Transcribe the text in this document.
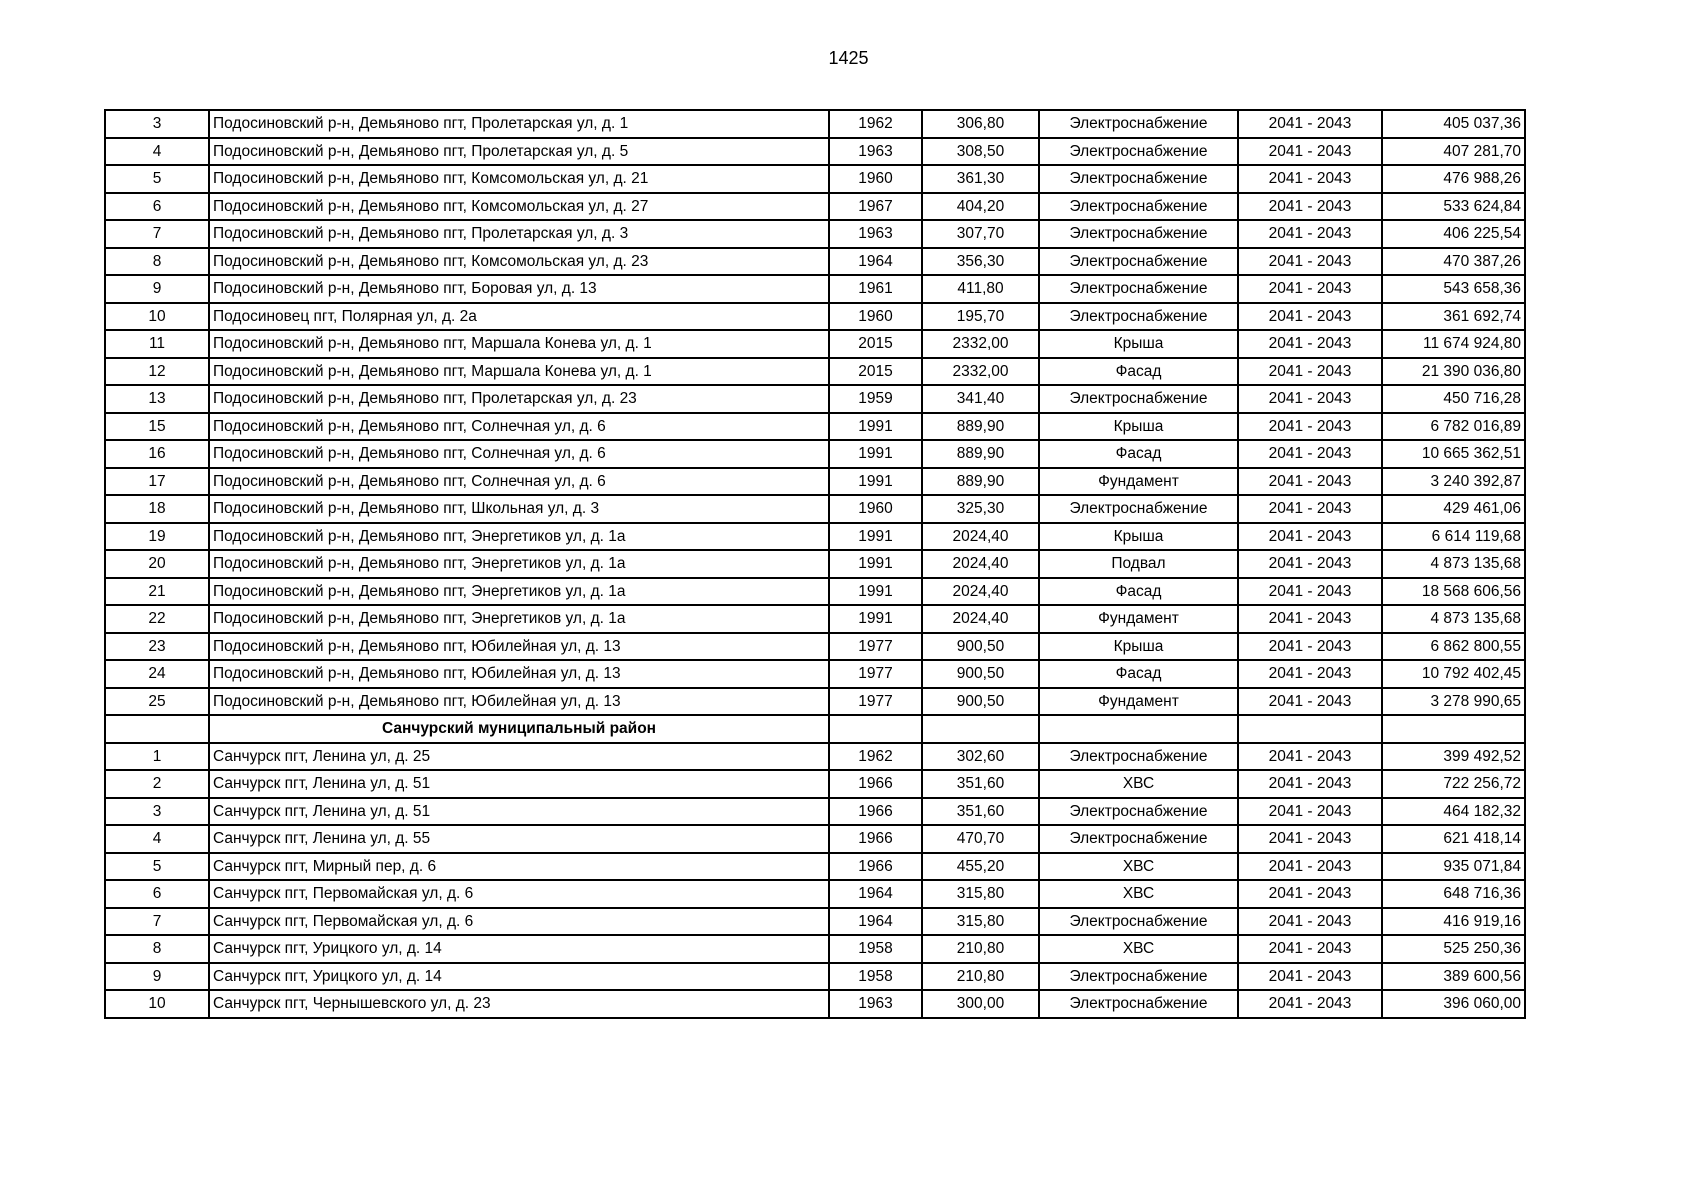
1425
3	Подосиновский р-н, Демьяново пгт, Пролетарская ул, д. 1	1962	306,80	Электроснабжение	2041 - 2043	405 037,36
4	Подосиновский р-н, Демьяново пгт, Пролетарская ул, д. 5	1963	308,50	Электроснабжение	2041 - 2043	407 281,70
5	Подосиновский р-н, Демьяново пгт, Комсомольская ул, д. 21	1960	361,30	Электроснабжение	2041 - 2043	476 988,26
6	Подосиновский р-н, Демьяново пгт, Комсомольская ул, д. 27	1967	404,20	Электроснабжение	2041 - 2043	533 624,84
7	Подосиновский р-н, Демьяново пгт, Пролетарская ул, д. 3	1963	307,70	Электроснабжение	2041 - 2043	406 225,54
8	Подосиновский р-н, Демьяново пгт, Комсомольская ул, д. 23	1964	356,30	Электроснабжение	2041 - 2043	470 387,26
9	Подосиновский р-н, Демьяново пгт, Боровая ул, д. 13	1961	411,80	Электроснабжение	2041 - 2043	543 658,36
10	Подосиновец пгт, Полярная ул, д. 2а	1960	195,70	Электроснабжение	2041 - 2043	361 692,74
11	Подосиновский р-н, Демьяново пгт, Маршала Конева ул, д. 1	2015	2332,00	Крыша	2041 - 2043	11 674 924,80
12	Подосиновский р-н, Демьяново пгт, Маршала Конева ул, д. 1	2015	2332,00	Фасад	2041 - 2043	21 390 036,80
13	Подосиновский р-н, Демьяново пгт, Пролетарская ул, д. 23	1959	341,40	Электроснабжение	2041 - 2043	450 716,28
15	Подосиновский р-н, Демьяново пгт, Солнечная ул, д. 6	1991	889,90	Крыша	2041 - 2043	6 782 016,89
16	Подосиновский р-н, Демьяново пгт, Солнечная ул, д. 6	1991	889,90	Фасад	2041 - 2043	10 665 362,51
17	Подосиновский р-н, Демьяново пгт, Солнечная ул, д. 6	1991	889,90	Фундамент	2041 - 2043	3 240 392,87
18	Подосиновский р-н, Демьяново пгт, Школьная ул, д. 3	1960	325,30	Электроснабжение	2041 - 2043	429 461,06
19	Подосиновский р-н, Демьяново пгт, Энергетиков ул, д. 1а	1991	2024,40	Крыша	2041 - 2043	6 614 119,68
20	Подосиновский р-н, Демьяново пгт, Энергетиков ул, д. 1а	1991	2024,40	Подвал	2041 - 2043	4 873 135,68
21	Подосиновский р-н, Демьяново пгт, Энергетиков ул, д. 1а	1991	2024,40	Фасад	2041 - 2043	18 568 606,56
22	Подосиновский р-н, Демьяново пгт, Энергетиков ул, д. 1а	1991	2024,40	Фундамент	2041 - 2043	4 873 135,68
23	Подосиновский р-н, Демьяново пгт, Юбилейная ул, д. 13	1977	900,50	Крыша	2041 - 2043	6 862 800,55
24	Подосиновский р-н, Демьяново пгт, Юбилейная ул, д. 13	1977	900,50	Фасад	2041 - 2043	10 792 402,45
25	Подосиновский р-н, Демьяново пгт, Юбилейная ул, д. 13	1977	900,50	Фундамент	2041 - 2043	3 278 990,65
	Санчурский муниципальный район					
1	Санчурск пгт, Ленина ул, д. 25	1962	302,60	Электроснабжение	2041 - 2043	399 492,52
2	Санчурск пгт, Ленина ул, д. 51	1966	351,60	ХВС	2041 - 2043	722 256,72
3	Санчурск пгт, Ленина ул, д. 51	1966	351,60	Электроснабжение	2041 - 2043	464 182,32
4	Санчурск пгт, Ленина ул, д. 55	1966	470,70	Электроснабжение	2041 - 2043	621 418,14
5	Санчурск пгт, Мирный пер, д. 6	1966	455,20	ХВС	2041 - 2043	935 071,84
6	Санчурск пгт, Первомайская ул, д. 6	1964	315,80	ХВС	2041 - 2043	648 716,36
7	Санчурск пгт, Первомайская ул, д. 6	1964	315,80	Электроснабжение	2041 - 2043	416 919,16
8	Санчурск пгт, Урицкого ул, д. 14	1958	210,80	ХВС	2041 - 2043	525 250,36
9	Санчурск пгт, Урицкого ул, д. 14	1958	210,80	Электроснабжение	2041 - 2043	389 600,56
10	Санчурск пгт, Чернышевского ул, д. 23	1963	300,00	Электроснабжение	2041 - 2043	396 060,00
